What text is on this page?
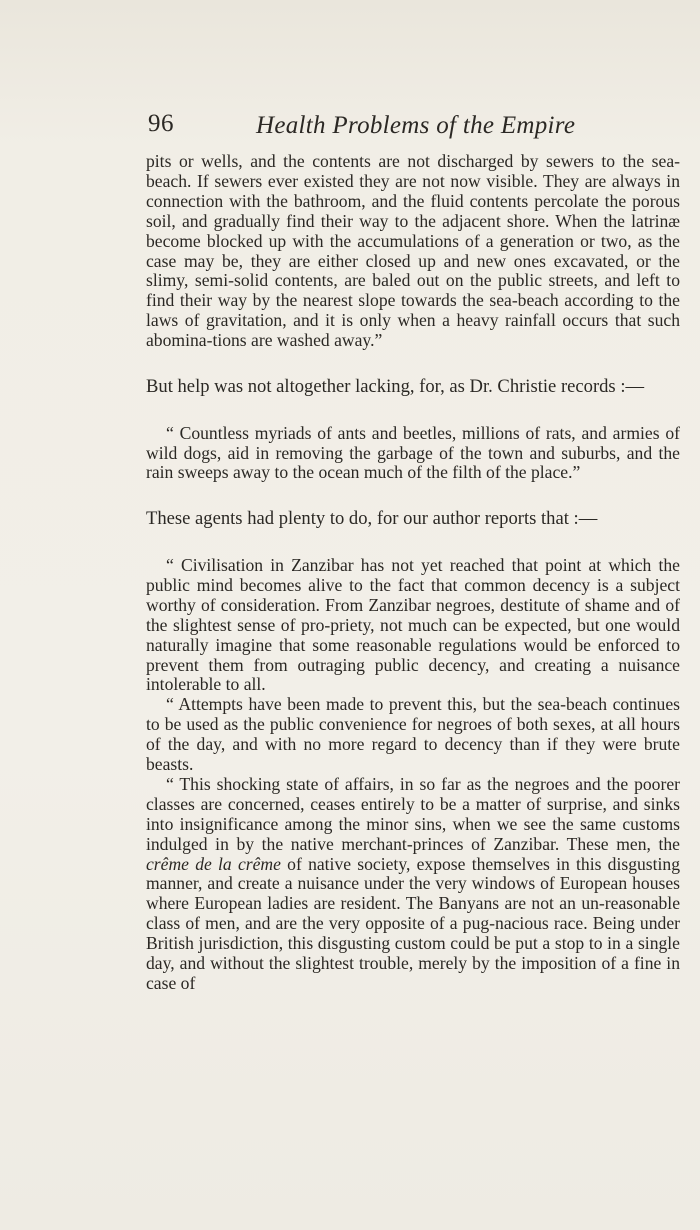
96	Health Problems of the Empire

pits or wells, and the contents are not discharged by sewers to the sea-beach. If sewers ever existed they are not now visible. They are always in connection with the bathroom, and the fluid contents percolate the porous soil, and gradually find their way to the adjacent shore. When the latrinæ become blocked up with the accumulations of a generation or two, as the case may be, they are either closed up and new ones excavated, or the slimy, semi-solid contents, are baled out on the public streets, and left to find their way by the nearest slope towards the sea-beach according to the laws of gravitation, and it is only when a heavy rainfall occurs that such abomina-tions are washed away.”

But help was not altogether lacking, for, as Dr. Christie records :—

“ Countless myriads of ants and beetles, millions of rats, and armies of wild dogs, aid in removing the garbage of the town and suburbs, and the rain sweeps away to the ocean much of the filth of the place.”

These agents had plenty to do, for our author reports that :—

“ Civilisation in Zanzibar has not yet reached that point at which the public mind becomes alive to the fact that common decency is a subject worthy of consideration. From Zanzibar negroes, destitute of shame and of the slightest sense of pro-priety, not much can be expected, but one would naturally imagine that some reasonable regulations would be enforced to prevent them from outraging public decency, and creating a nuisance intolerable to all.

“ Attempts have been made to prevent this, but the sea-beach continues to be used as the public convenience for negroes of both sexes, at all hours of the day, and with no more regard to decency than if they were brute beasts.

“ This shocking state of affairs, in so far as the negroes and the poorer classes are concerned, ceases entirely to be a matter of surprise, and sinks into insignificance among the minor sins, when we see the same customs indulged in by the native merchant-princes of Zanzibar. These men, the crême de la crême of native society, expose themselves in this disgusting manner, and create a nuisance under the very windows of European houses where European ladies are resident. The Banyans are not an un-reasonable class of men, and are the very opposite of a pug-nacious race. Being under British jurisdiction, this disgusting custom could be put a stop to in a single day, and without the slightest trouble, merely by the imposition of a fine in case of
